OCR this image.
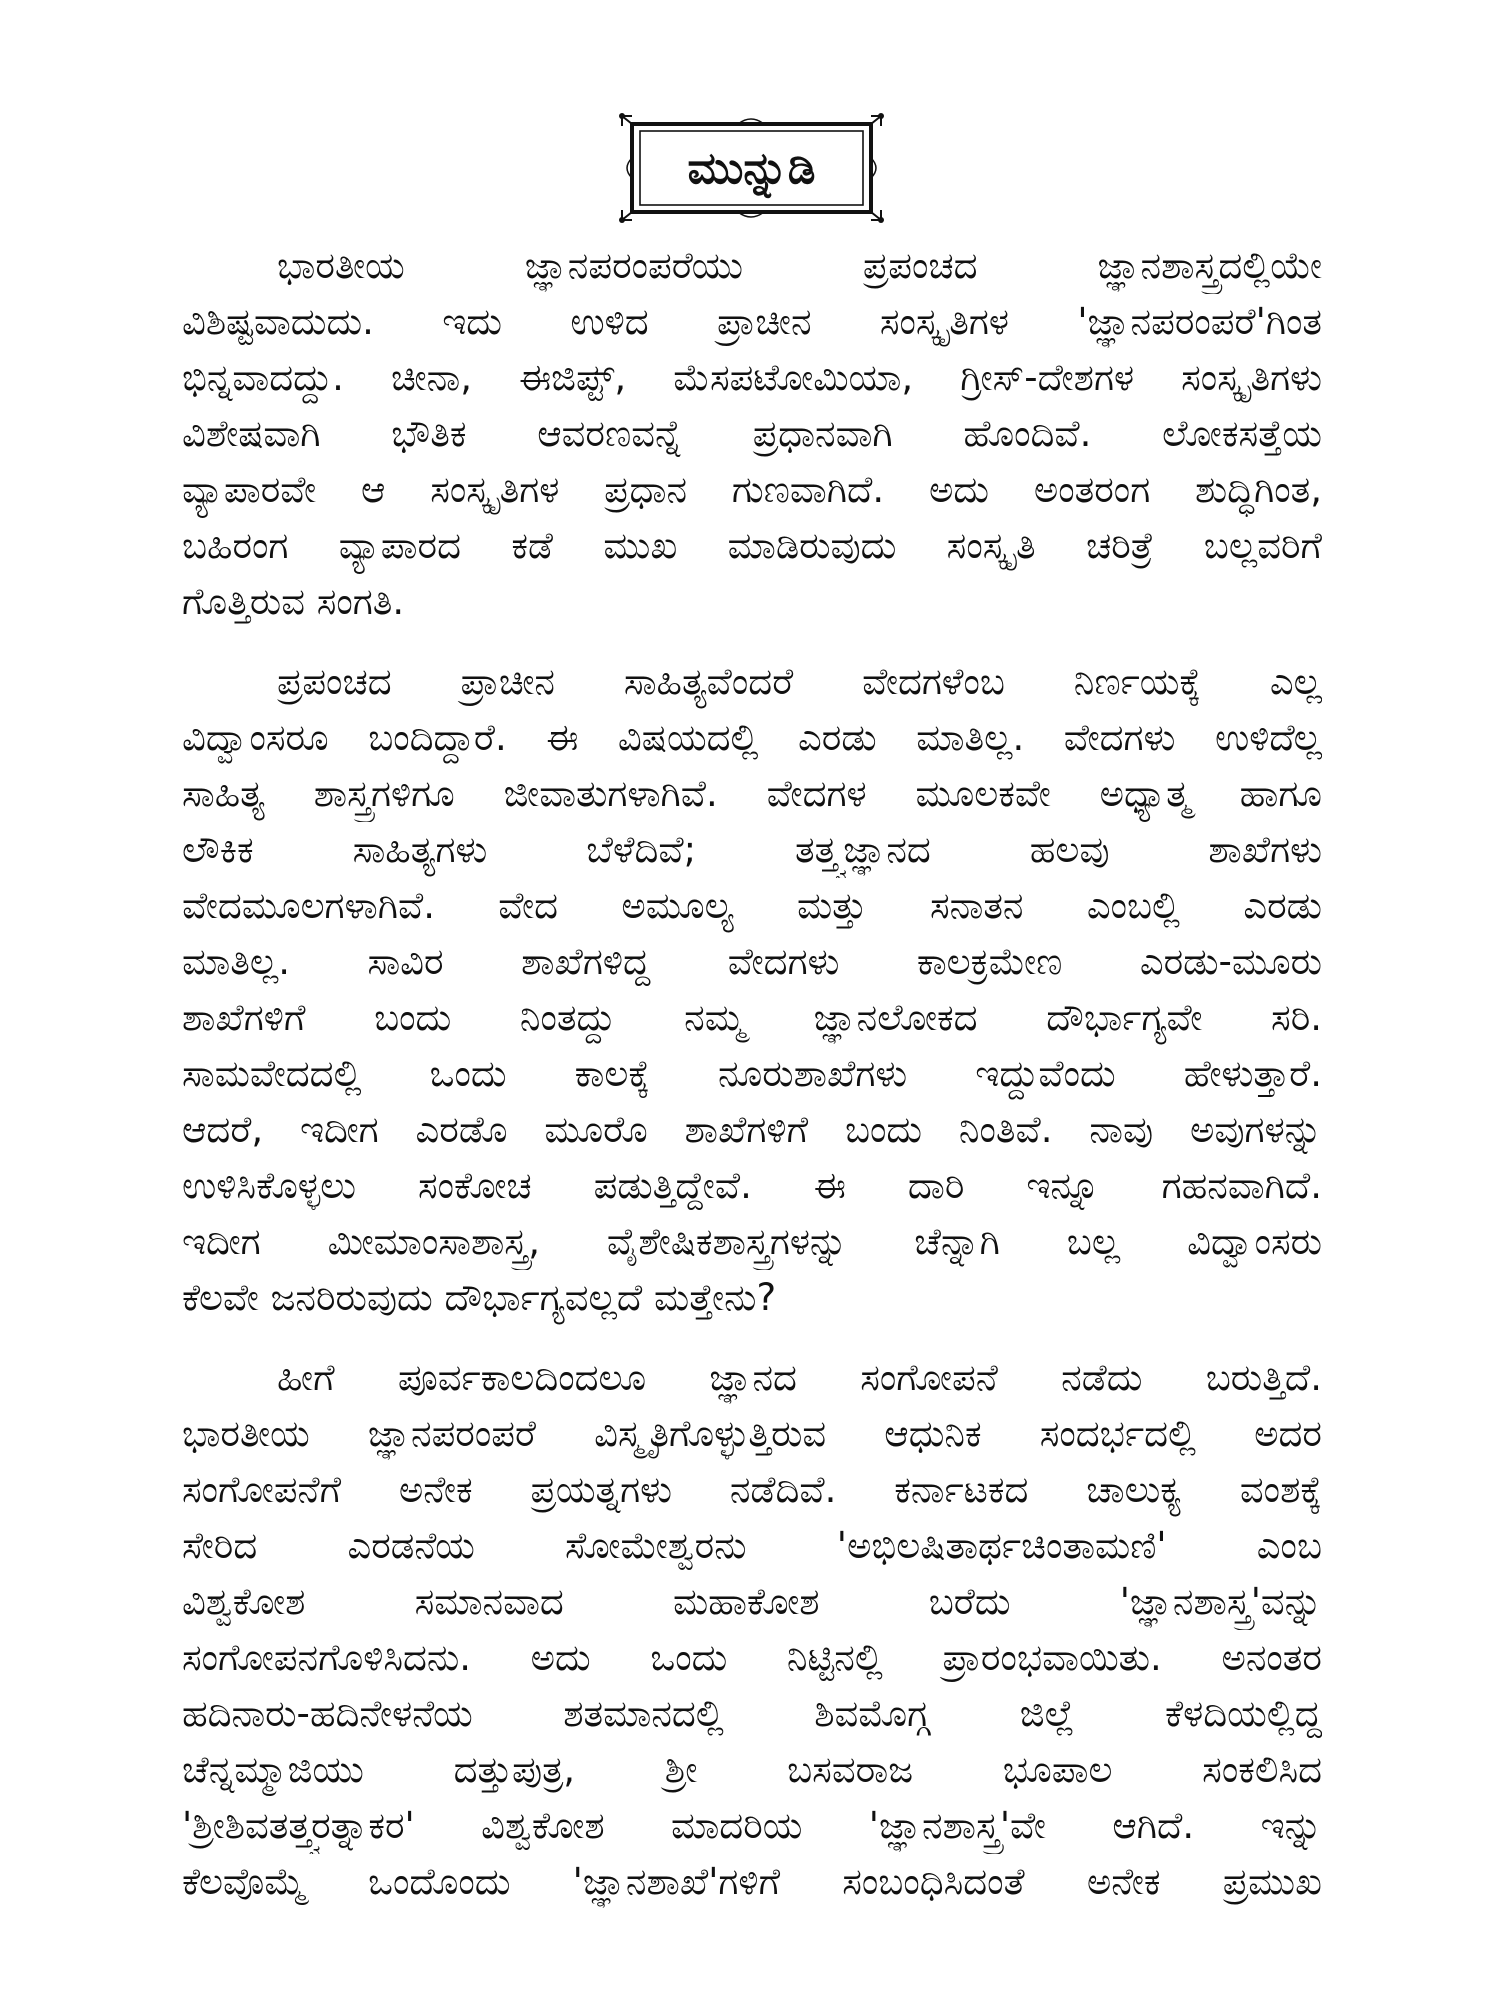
ಮುನ್ನುಡಿ
ಭಾರತೀಯ ಜ್ಞಾನಪರಂಪರೆಯು ಪ್ರಪಂಚದ ಜ್ಞಾನಶಾಸ್ತ್ರದಲ್ಲಿಯೇ
ವಿಶಿಷ್ಟವಾದುದು. ಇದು ಉಳಿದ ಪ್ರಾಚೀನ ಸಂಸ್ಕೃತಿಗಳ 'ಜ್ಞಾನಪರಂಪರೆ'ಗಿಂತ
ಭಿನ್ನವಾದದ್ದು. ಚೀನಾ, ಈಜಿಪ್ಟ್, ಮೆಸಪಟೋಮಿಯಾ, ಗ್ರೀಸ್-ದೇಶಗಳ ಸಂಸ್ಕೃತಿಗಳು
ವಿಶೇಷವಾಗಿ ಭೌತಿಕ ಆವರಣವನ್ನೆ ಪ್ರಧಾನವಾಗಿ ಹೊಂದಿವೆ. ಲೋಕಸತ್ತೆಯ
ವ್ಯಾಪಾರವೇ ಆ ಸಂಸ್ಕೃತಿಗಳ ಪ್ರಧಾನ ಗುಣವಾಗಿದೆ. ಅದು ಅಂತರಂಗ ಶುದ್ಧಿಗಿಂತ,
ಬಹಿರಂಗ ವ್ಯಾಪಾರದ ಕಡೆ ಮುಖ ಮಾಡಿರುವುದು ಸಂಸ್ಕೃತಿ ಚರಿತ್ರೆ ಬಲ್ಲವರಿಗೆ
ಗೊತ್ತಿರುವ ಸಂಗತಿ.
ಪ್ರಪಂಚದ ಪ್ರಾಚೀನ ಸಾಹಿತ್ಯವೆಂದರೆ ವೇದಗಳೆಂಬ ನಿರ್ಣಯಕ್ಕೆ ಎಲ್ಲ
ವಿದ್ವಾಂಸರೂ ಬಂದಿದ್ದಾರೆ. ಈ ವಿಷಯದಲ್ಲಿ ಎರಡು ಮಾತಿಲ್ಲ. ವೇದಗಳು ಉಳಿದೆಲ್ಲ
ಸಾಹಿತ್ಯ ಶಾಸ್ತ್ರಗಳಿಗೂ ಜೀವಾತುಗಳಾಗಿವೆ. ವೇದಗಳ ಮೂಲಕವೇ ಅಧ್ಯಾತ್ಮ ಹಾಗೂ
ಲೌಕಿಕ ಸಾಹಿತ್ಯಗಳು ಬೆಳೆದಿವೆ; ತತ್ತ್ವಜ್ಞಾನದ ಹಲವು ಶಾಖೆಗಳು
ವೇದಮೂಲಗಳಾಗಿವೆ. ವೇದ ಅಮೂಲ್ಯ ಮತ್ತು ಸನಾತನ ಎಂಬಲ್ಲಿ ಎರಡು
ಮಾತಿಲ್ಲ. ಸಾವಿರ ಶಾಖೆಗಳಿದ್ದ ವೇದಗಳು ಕಾಲಕ್ರಮೇಣ ಎರಡು-ಮೂರು
ಶಾಖೆಗಳಿಗೆ ಬಂದು ನಿಂತದ್ದು ನಮ್ಮ ಜ್ಞಾನಲೋಕದ ದೌರ್ಭಾಗ್ಯವೇ ಸರಿ.
ಸಾಮವೇದದಲ್ಲಿ ಒಂದು ಕಾಲಕ್ಕೆ ನೂರುಶಾಖೆಗಳು ಇದ್ದುವೆಂದು ಹೇಳುತ್ತಾರೆ.
ಆದರೆ, ಇದೀಗ ಎರಡೊ ಮೂರೊ ಶಾಖೆಗಳಿಗೆ ಬಂದು ನಿಂತಿವೆ. ನಾವು ಅವುಗಳನ್ನು
ಉಳಿಸಿಕೊಳ್ಳಲು ಸಂಕೋಚ ಪಡುತ್ತಿದ್ದೇವೆ. ಈ ದಾರಿ ಇನ್ನೂ ಗಹನವಾಗಿದೆ.
ಇದೀಗ ಮೀಮಾಂಸಾಶಾಸ್ತ್ರ, ವೈಶೇಷಿಕಶಾಸ್ತ್ರಗಳನ್ನು ಚೆನ್ನಾಗಿ ಬಲ್ಲ ವಿದ್ವಾಂಸರು
ಕೆಲವೇ ಜನರಿರುವುದು ದೌರ್ಭಾಗ್ಯವಲ್ಲದೆ ಮತ್ತೇನು?
ಹೀಗೆ ಪೂರ್ವಕಾಲದಿಂದಲೂ ಜ್ಞಾನದ ಸಂಗೋಪನೆ ನಡೆದು ಬರುತ್ತಿದೆ.
ಭಾರತೀಯ ಜ್ಞಾನಪರಂಪರೆ ವಿಸ್ಮೃತಿಗೊಳ್ಳುತ್ತಿರುವ ಆಧುನಿಕ ಸಂದರ್ಭದಲ್ಲಿ ಅದರ
ಸಂಗೋಪನೆಗೆ ಅನೇಕ ಪ್ರಯತ್ನಗಳು ನಡೆದಿವೆ. ಕರ್ನಾಟಕದ ಚಾಲುಕ್ಯ ವಂಶಕ್ಕೆ
ಸೇರಿದ ಎರಡನೆಯ ಸೋಮೇಶ್ವರನು 'ಅಭಿಲಷಿತಾರ್ಥಚಿಂತಾಮಣಿ' ಎಂಬ
ವಿಶ್ವಕೋಶ ಸಮಾನವಾದ ಮಹಾಕೋಶ ಬರೆದು 'ಜ್ಞಾನಶಾಸ್ತ್ರ'ವನ್ನು
ಸಂಗೋಪನಗೊಳಿಸಿದನು. ಅದು ಒಂದು ನಿಟ್ಟಿನಲ್ಲಿ ಪ್ರಾರಂಭವಾಯಿತು. ಅನಂತರ
ಹದಿನಾರು-ಹದಿನೇಳನೆಯ ಶತಮಾನದಲ್ಲಿ ಶಿವಮೊಗ್ಗ ಜಿಲ್ಲೆ ಕೆಳದಿಯಲ್ಲಿದ್ದ
ಚೆನ್ನಮ್ಮಾಜಿಯು ದತ್ತುಪುತ್ರ, ಶ್ರೀ ಬಸವರಾಜ ಭೂಪಾಲ ಸಂಕಲಿಸಿದ
'ಶ್ರೀಶಿವತತ್ತ್ವರತ್ನಾಕರ' ವಿಶ್ವಕೋಶ ಮಾದರಿಯ 'ಜ್ಞಾನಶಾಸ್ತ್ರ'ವೇ ಆಗಿದೆ. ಇನ್ನು
ಕೆಲವೊಮ್ಮೆ ಒಂದೊಂದು 'ಜ್ಞಾನಶಾಖೆ'ಗಳಿಗೆ ಸಂಬಂಧಿಸಿದಂತೆ ಅನೇಕ ಪ್ರಮುಖ
